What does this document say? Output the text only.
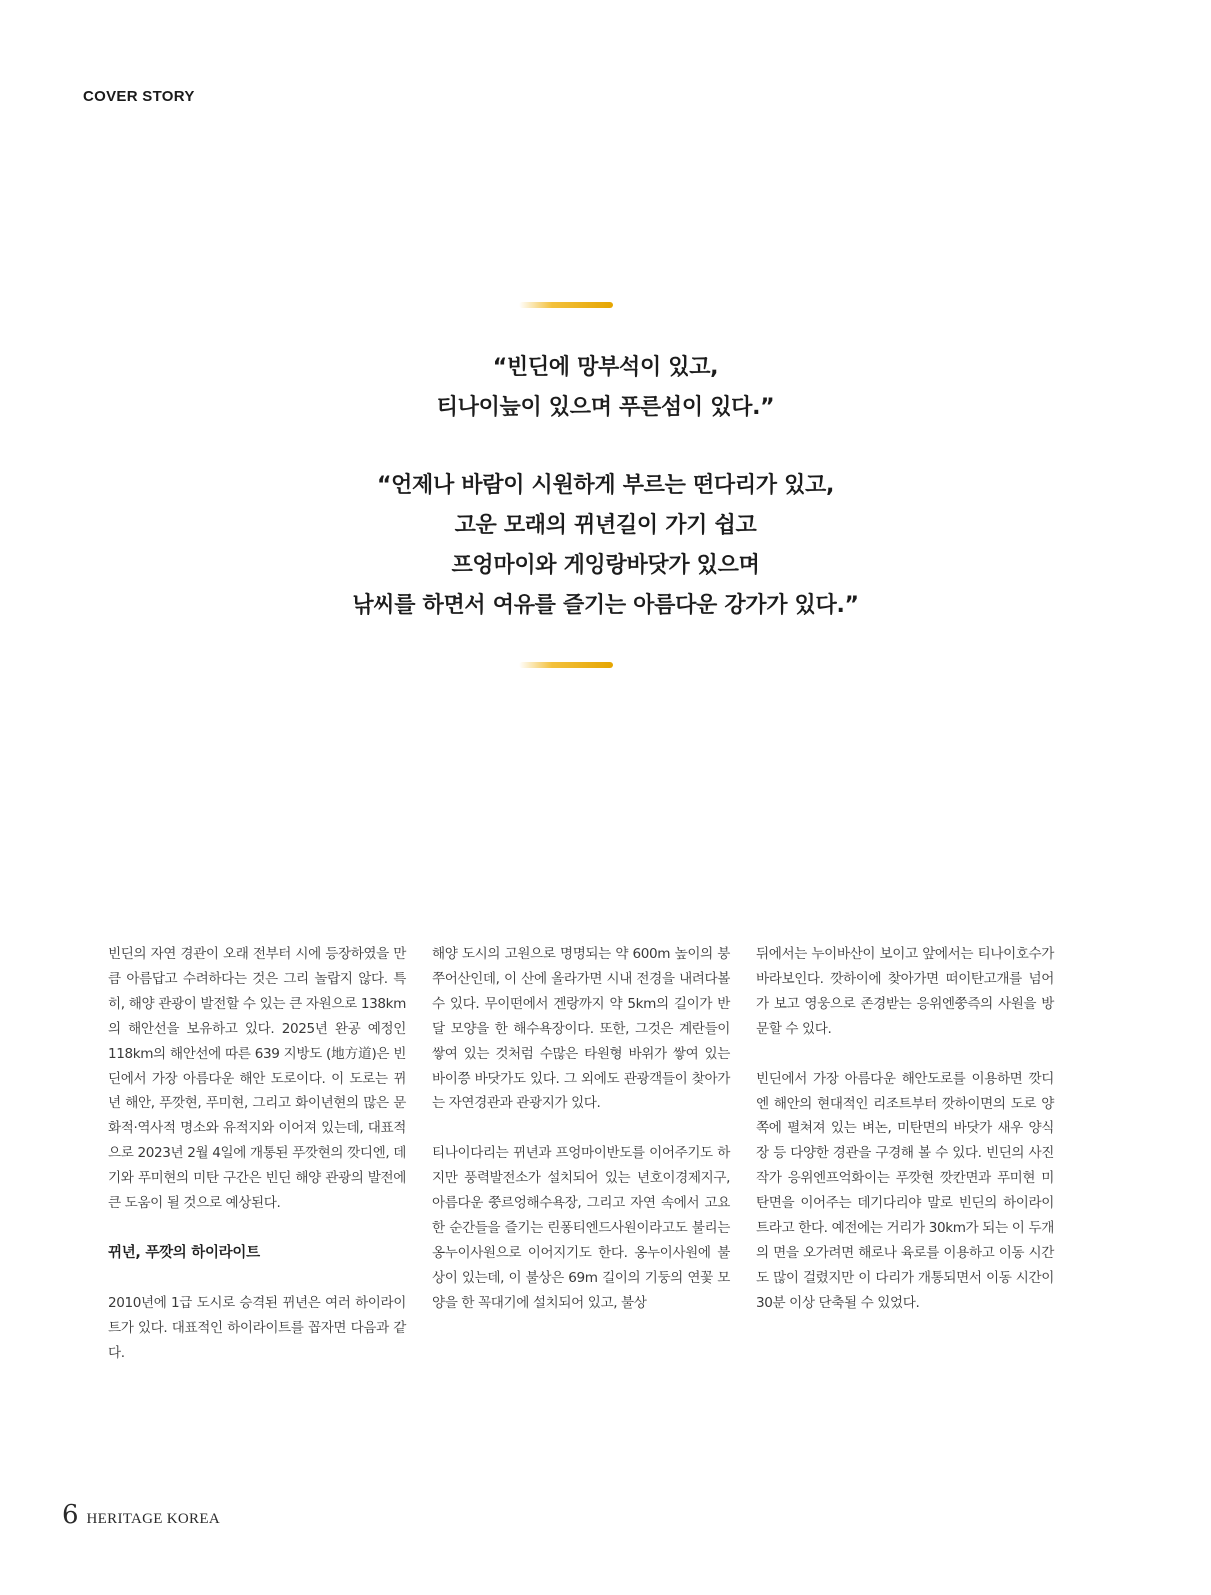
COVER STORY
“빈딘에 망부석이 있고,
티나이늪이 있으며 푸른섬이 있다.”
“언제나 바람이 시원하게 부르는 떤다리가 있고,
고운 모래의 뀌년길이 가기 쉽고
프엉마이와 게잉랑바닷가 있으며
낚씨를 하면서 여유를 즐기는 아름다운 강가가 있다.”

빈딘의 자연 경관이 오래 전부터 시에 등장하였을 만큼 아름답고 수려하다는 것은 그리 놀랍지 않다. 특히, 해양 관광이 발전할 수 있는 큰 자원으로 138km의 해안선을 보유하고 있다. 2025년 완공 예정인 118km의 해안선에 따른 639 지방도 (地方道)은 빈딘에서 가장 아름다운 해안 도로이다. 이 도로는 뀌년 해안, 푸깟현, 푸미현, 그리고 화이년현의 많은 문화적·역사적 명소와 유적지와 이어져 있는데, 대표적으로 2023년 2월 4일에 개통된 푸깟현의 깟디엔, 데기와 푸미현의 미탄 구간은 빈딘 해양 관광의 발전에 큰 도움이 될 것으로 예상된다.

뀌년, 푸깟의 하이라이트

2010년에 1급 도시로 승격된 뀌년은 여러 하이라이트가 있다. 대표적인 하이라이트를 꼽자면 다음과 같다.

해양 도시의 고원으로 명명되는 약 600m 높이의 붕쭈어산인데, 이 산에 올라가면 시내 전경을 내려다볼 수 있다. 무이떤에서 겐랑까지 약 5km의 길이가 반달 모양을 한 해수욕장이다. 또한, 그것은 계란들이 쌓여 있는 것처럼 수많은 타원형 바위가 쌓여 있는 바이쯩 바닷가도 있다. 그 외에도 관광객들이 찾아가는 자연경관과 관광지가 있다.

티나이다리는 뀌년과 프엉마이반도를 이어주기도 하지만 풍력발전소가 설치되어 있는 년호이경제지구, 아름다운 쭝르엉해수욕장, 그리고 자연 속에서 고요한 순간들을 즐기는 린퐁티엔드사원이라고도 불리는 옹누이사원으로 이어지기도 한다. 옹누이사원에 불상이 있는데, 이 불상은 69m 길이의 기둥의 연꽃 모양을 한 꼭대기에 설치되어 있고, 불상

뒤에서는 누이바산이 보이고 앞에서는 티나이호수가 바라보인다. 깟하이에 찾아가면 떠이탄고개를 넘어가 보고 영웅으로 존경받는 응위엔쭝즉의 사원을 방문할 수 있다.

빈딘에서 가장 아름다운 해안도로를 이용하면 깟디엔 해안의 현대적인 리조트부터 깟하이면의 도로 양쪽에 펼쳐져 있는 벼논, 미탄면의 바닷가 새우 양식장 등 다양한 경관을 구경해 볼 수 있다. 빈딘의 사진작가 응위엔프억화이는 푸깟현 깟칸면과 푸미현 미탄면을 이어주는 데기다리야 말로 빈딘의 하이라이트라고 한다. 예전에는 거리가 30km가 되는 이 두개의 면을 오가려면 해로나 육로를 이용하고 이동 시간도 많이 걸렸지만 이 다리가 개통되면서 이동 시간이 30분 이상 단축될 수 있었다.

6 HERITAGE KOREA
